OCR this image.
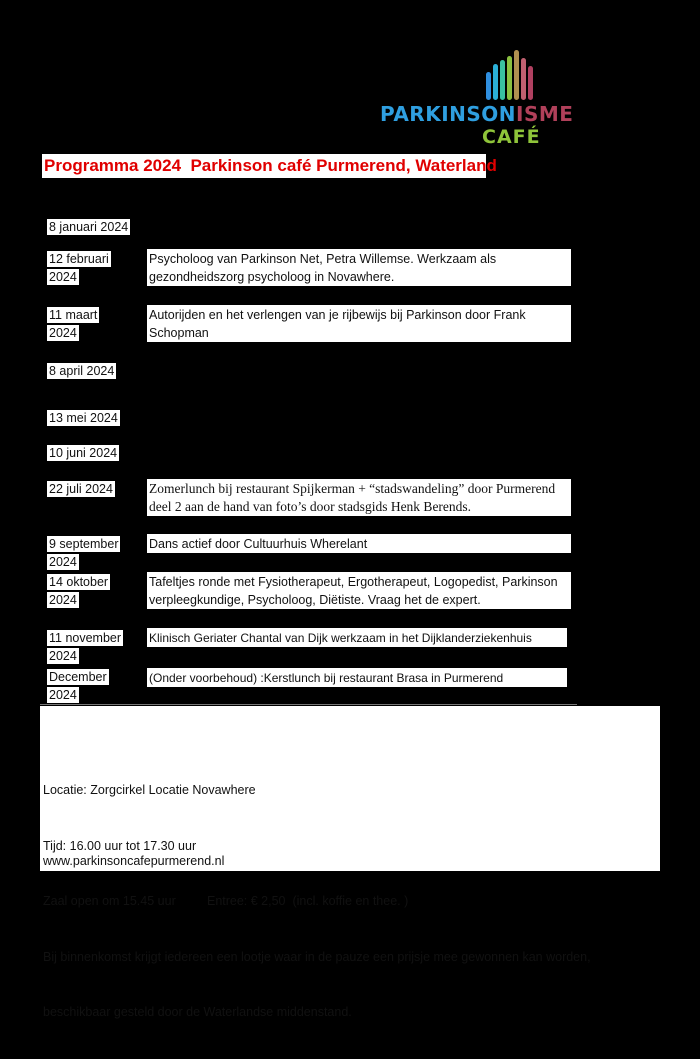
PARKINSONISME
CAFÉ
Programma 2024  Parkinson café Purmerend, Waterland
8 januari 2024
12 februari
2024
Psycholoog van Parkinson Net, Petra Willemse. Werkzaam als gezondheidszorg psycholoog in Novawhere.
11 maart
2024
Autorijden en het verlengen van je rijbewijs bij Parkinson door Frank Schopman
8 april 2024
13 mei 2024
10 juni 2024
22 juli 2024	Zomerlunch bij restaurant Spijkerman + “stadswandeling” door Purmerend deel 2 aan de hand van foto’s door stadsgids Henk Berends.
9 september
2024
Dans actief door Cultuurhuis Wherelant
14 oktober
2024
Tafeltjes ronde met Fysiotherapeut, Ergotherapeut, Logopedist, Parkinson verpleegkundige, Psycholoog, Diëtiste. Vraag het de expert.
11 november
2024
Klinisch Geriater Chantal van Dijk werkzaam in het Dijklanderziekenhuis
December
2024
(Onder voorbehoud) :Kerstlunch bij restaurant Brasa in Purmerend

Locatie: Zorgcirkel Locatie Novawhere

Tijd: 16.00 uur tot 17.30 uur

Zaal open om 15.45 uur         Entree: € 2,50  (incl. koffie en thee. )

Bij binnenkomst krijgt iedereen een lootje waar in de pauze een prijsje mee gewonnen kan worden,

beschikbaar gesteld door de Waterlandse middenstand.

www.parkinsoncafepurmerend.nl
